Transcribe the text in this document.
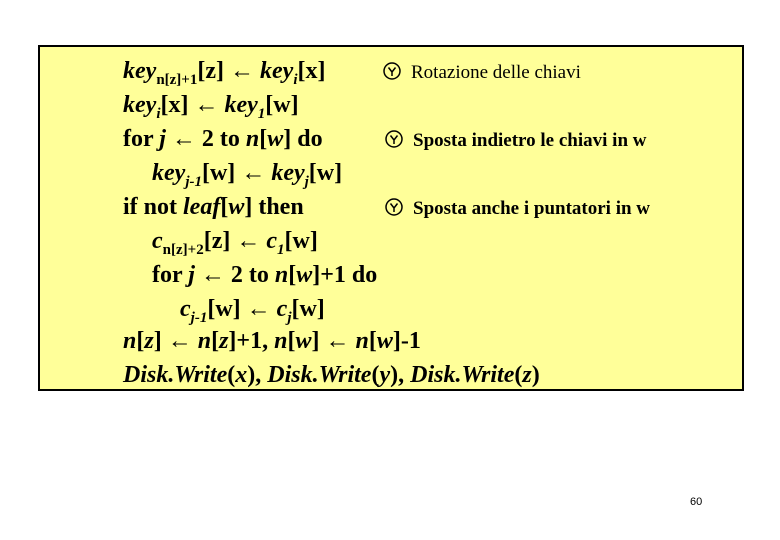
key$_{n[z]+1}$[z] ← key$_i$[x]	Rotazione delle chiavi
key$_i$[x] ← key$_1$[w]
for j ← 2 to n[w] do	Sposta indietro le chiavi in w
key$_{j-1}$[w] ← key$_j$[w]
if not leaf[w] then	Sposta anche i puntatori in w
$c_{n[z]+2}[z]$ ← $c_1[w]$
for j ← 2 to n[w]+1 do
$c_{j-1}[w]$ ← $c_j[w]$
n[z] ← n[z]+1, n[w] ← n[w]-1
Disk.Write(x), Disk.Write(y), Disk.Write(z)
60
